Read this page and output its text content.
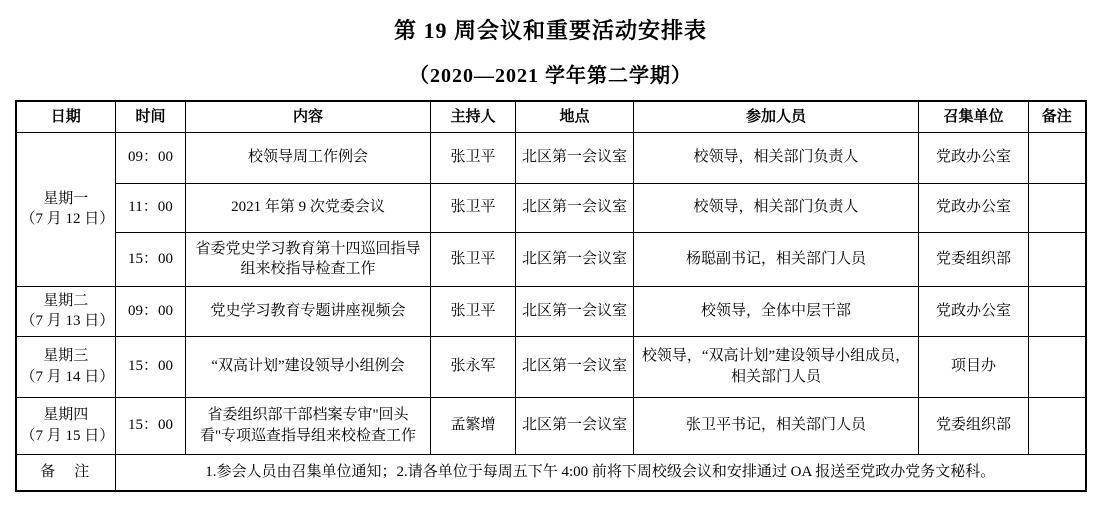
第 19 周会议和重要活动安排表
（2020—2021 学年第二学期）
日期	时间	内容	主持人	地点	参加人员	召集单位	备注

星期一
（7 月 12 日）	09：00	校领导周工作例会	张卫平	北区第一会议室	校领导，相关部门负责人	党政办公室	
	11：00	2021 年第 9 次党委会议	张卫平	北区第一会议室	校领导，相关部门负责人	党政办公室	
	15：00	省委党史学习教育第十四巡回指导组来校指导检查工作	张卫平	北区第一会议室	杨聪副书记，相关部门人员	党委组织部	

星期二
（7 月 13 日）	09：00	党史学习教育专题讲座视频会	张卫平	北区第一会议室	校领导，全体中层干部	党政办公室	

星期三
（7 月 14 日）	15：00	“双高计划”建设领导小组例会	张永军	北区第一会议室	校领导，“双高计划”建设领导小组成员，相关部门人员	项目办	

星期四
（7 月 15 日）	15：00	省委组织部干部档案专审"回头看"专项巡查指导组来校检查工作	孟繁增	北区第一会议室	张卫平书记，相关部门人员	党委组织部	
备　注	1.参会人员由召集单位通知；2.请各单位于每周五下午 4:00 前将下周校级会议和安排通过 OA 报送至党政办党务文秘科。						
